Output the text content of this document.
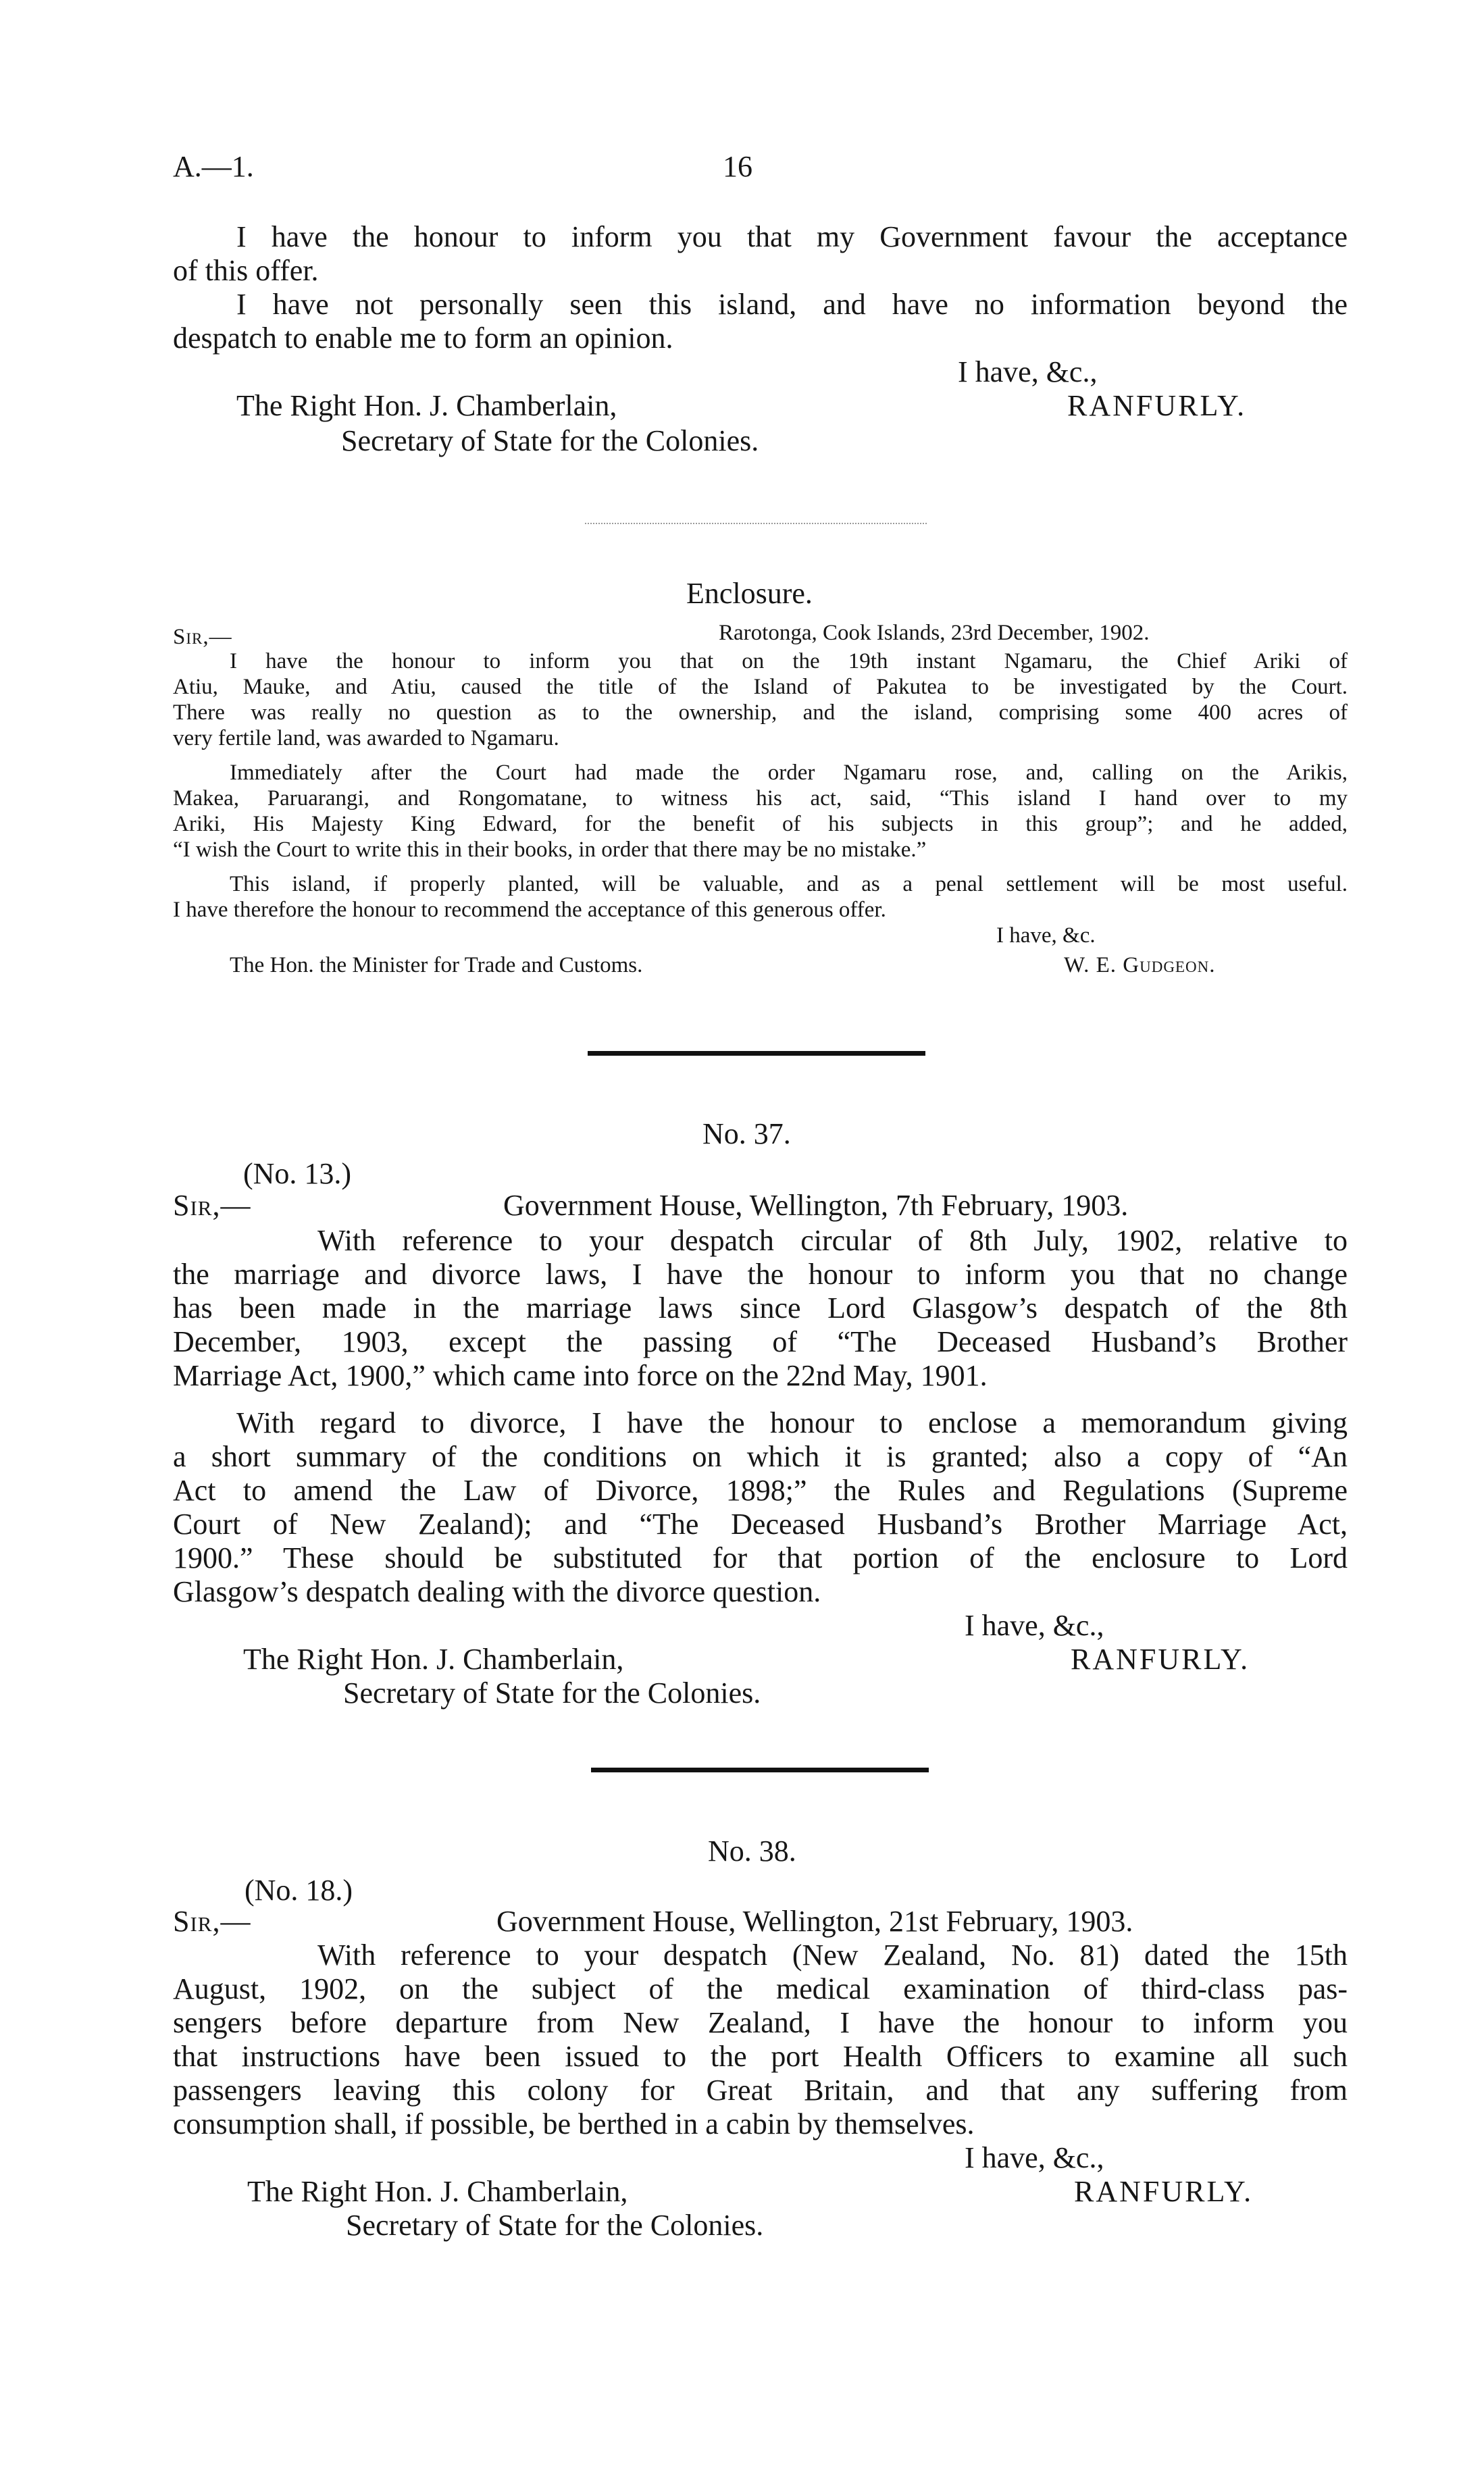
A.—1.	16
I have the honour to inform you that my Government favour the acceptance
of this offer.
I have not personally seen this island, and have no information beyond the
despatch to enable me to form an opinion.
I have, &c.,
The Right Hon. J. Chamberlain,	RANFURLY.
Secretary of State for the Colonies.
Enclosure.
Sir,—	Rarotonga, Cook Islands, 23rd December, 1902.
I have the honour to inform you that on the 19th instant Ngamaru, the Chief Ariki of
Atiu, Mauke, and Atiu, caused the title of the Island of Pakutea to be investigated by the Court.
There was really no question as to the ownership, and the island, comprising some 400 acres of
very fertile land, was awarded to Ngamaru.
Immediately after the Court had made the order Ngamaru rose, and, calling on the Arikis,
Makea, Paruarangi, and Rongomatane, to witness his act, said, “This island I hand over to my
Ariki, His Majesty King Edward, for the benefit of his subjects in this group”; and he added,
“I wish the Court to write this in their books, in order that there may be no mistake.”
This island, if properly planted, will be valuable, and as a penal settlement will be most useful.
I have therefore the honour to recommend the acceptance of this generous offer.
I have, &c.
The Hon. the Minister for Trade and Customs.	W. E. Gudgeon.
No. 37.
(No. 13.)
Sir,—	Government House, Wellington, 7th February, 1903.
With reference to your despatch circular of 8th July, 1902, relative to
the marriage and divorce laws, I have the honour to inform you that no change
has been made in the marriage laws since Lord Glasgow’s despatch of the 8th
December, 1903, except the passing of “The Deceased Husband’s Brother
Marriage Act, 1900,” which came into force on the 22nd May, 1901.
With regard to divorce, I have the honour to enclose a memorandum giving
a short summary of the conditions on which it is granted; also a copy of “An
Act to amend the Law of Divorce, 1898;” the Rules and Regulations (Supreme
Court of New Zealand); and “The Deceased Husband’s Brother Marriage Act,
1900.” These should be substituted for that portion of the enclosure to Lord
Glasgow’s despatch dealing with the divorce question.
I have, &c.,
The Right Hon. J. Chamberlain,	RANFURLY.
Secretary of State for the Colonies.
No. 38.
(No. 18.)
Sir,—	Government House, Wellington, 21st February, 1903.
With reference to your despatch (New Zealand, No. 81) dated the 15th
August, 1902, on the subject of the medical examination of third-class pas-
sengers before departure from New Zealand, I have the honour to inform you
that instructions have been issued to the port Health Officers to examine all such
passengers leaving this colony for Great Britain, and that any suffering from
consumption shall, if possible, be berthed in a cabin by themselves.
I have, &c.,
The Right Hon. J. Chamberlain,	RANFURLY.
Secretary of State for the Colonies.
